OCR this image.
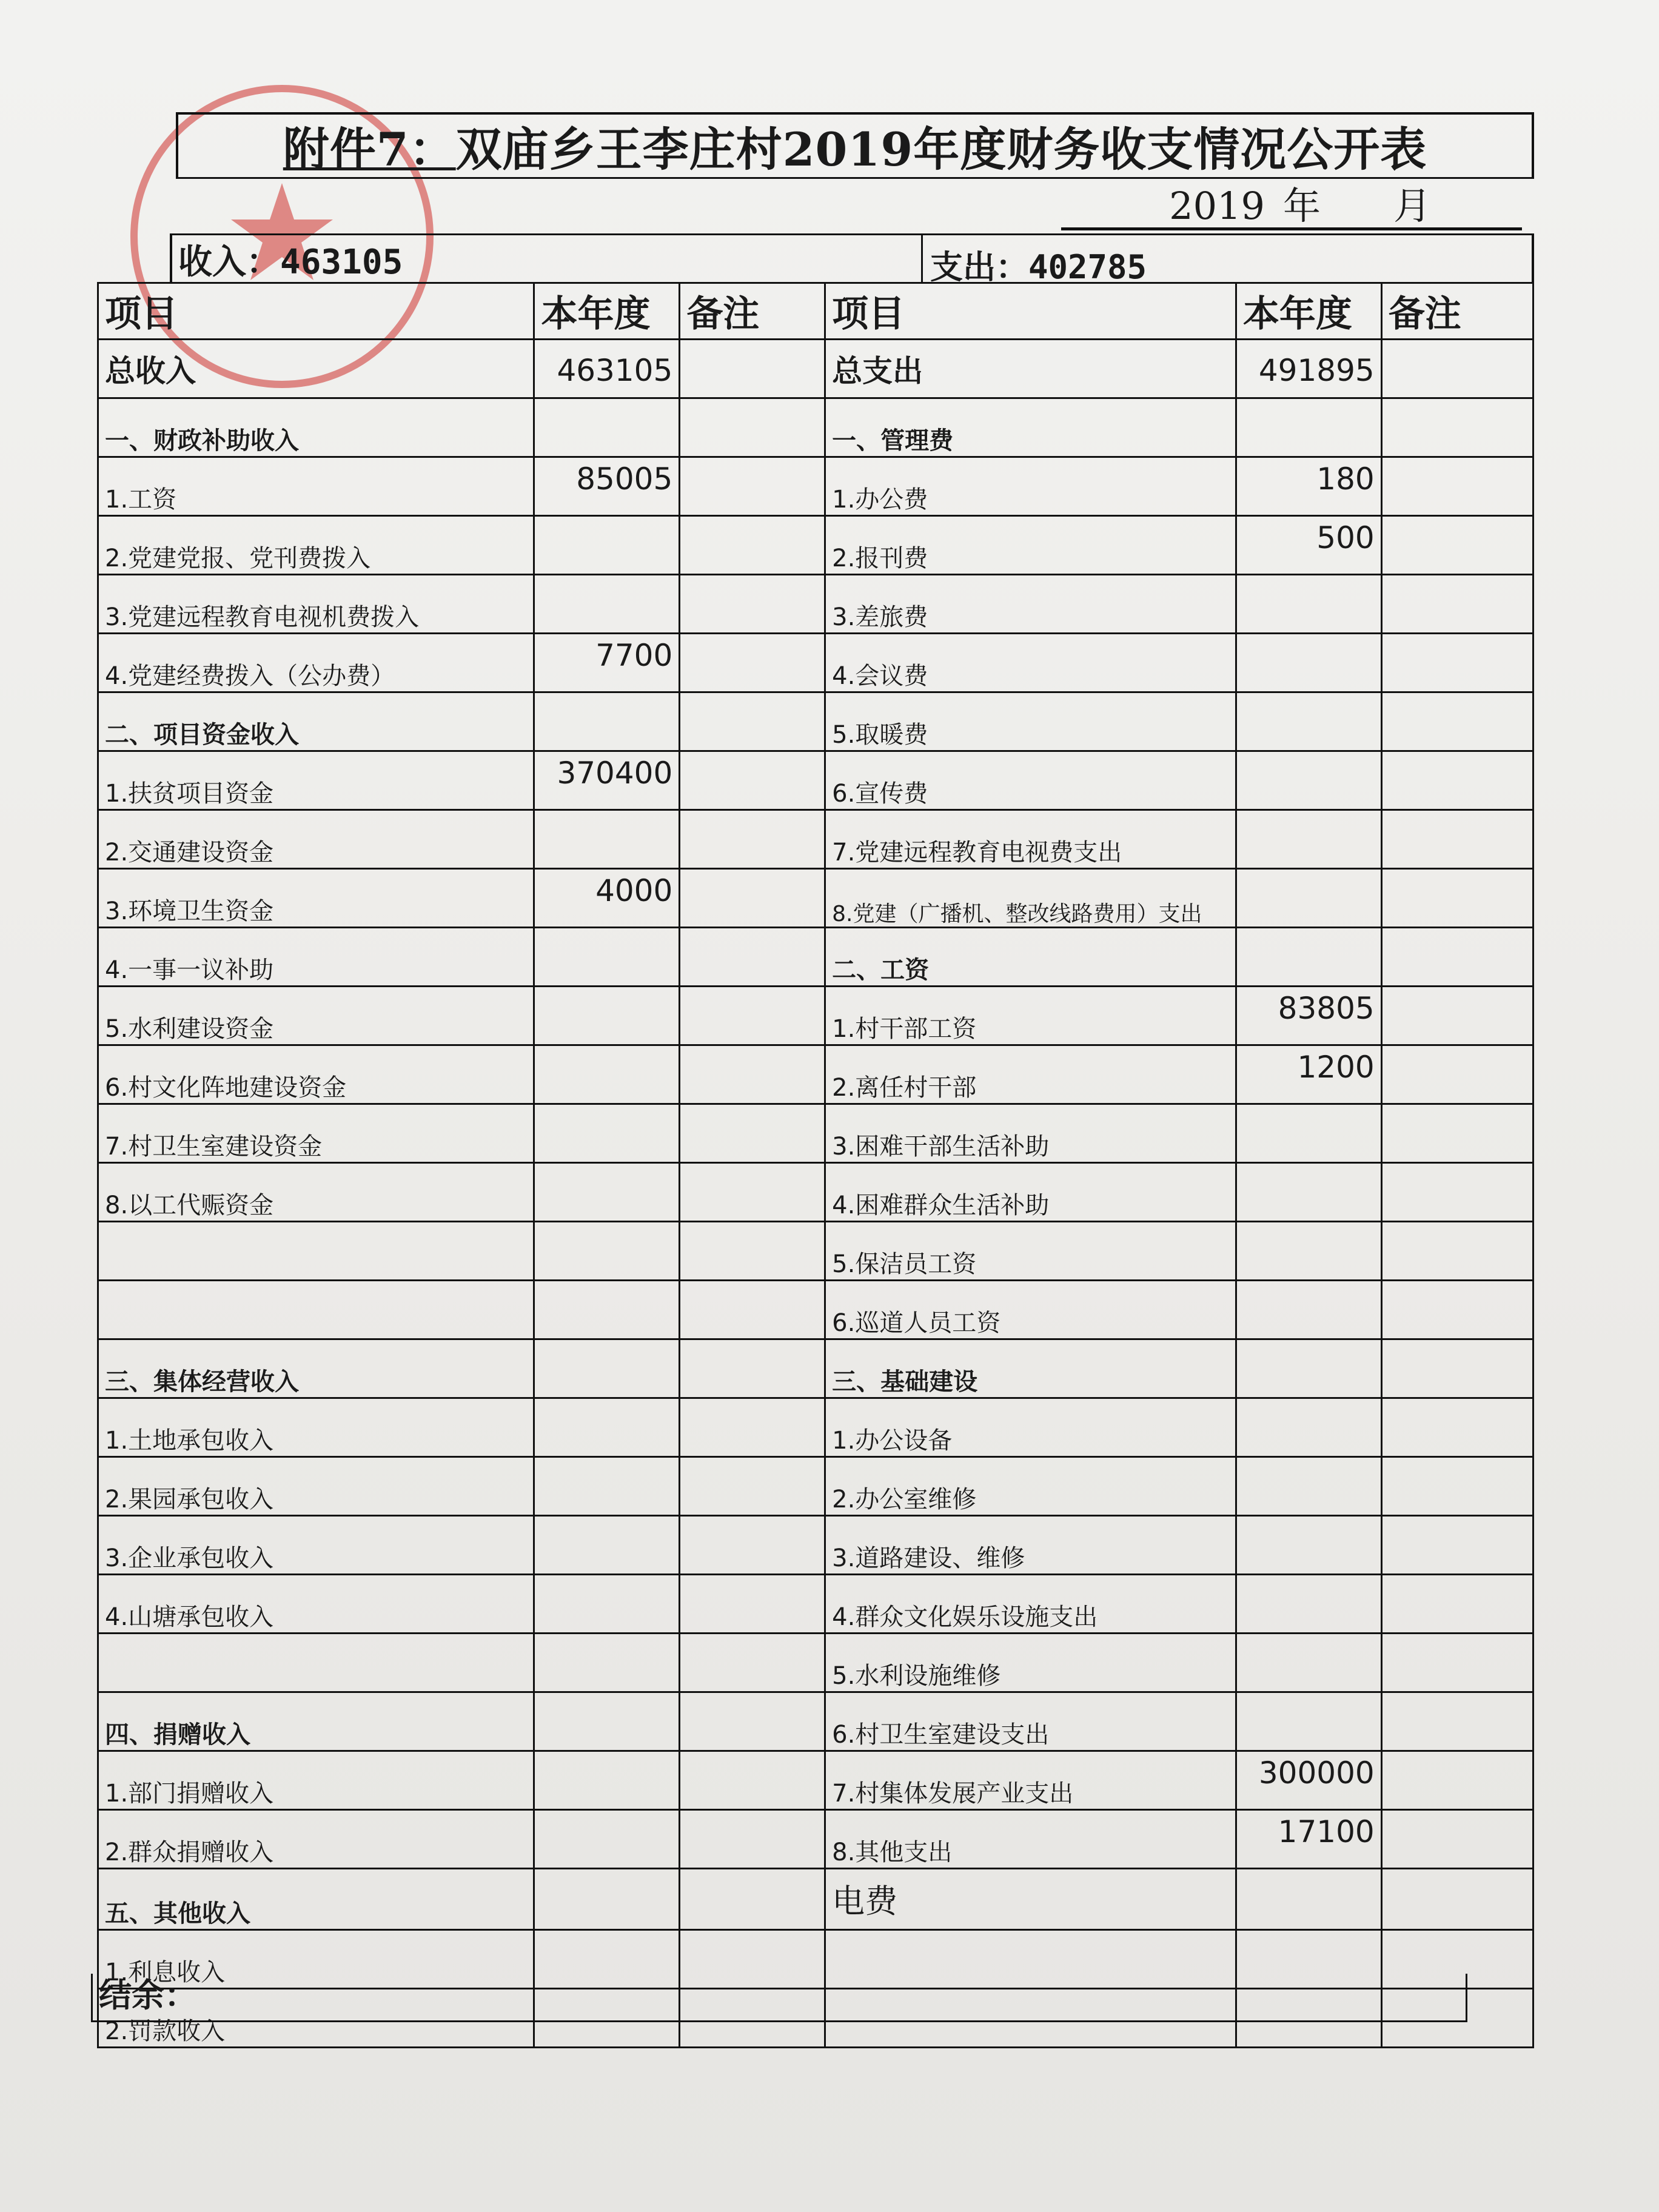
附件7：双庙乡王李庄村2019年度财务收支情况公开表
2019 年 月
收入：463105	支出：402785
项目	本年度	备注	项目	本年度	备注
总收入	463105		总支出	491895	
一、财政补助收入			一、管理费		
1.工资	85005		1.办公费	180	
2.党建党报、党刊费拨入			2.报刊费	500	
3.党建远程教育电视机费拨入			3.差旅费		
4.党建经费拨入（公办费）	7700		4.会议费		
二、项目资金收入			5.取暖费		
1.扶贫项目资金	370400		6.宣传费		
2.交通建设资金			7.党建远程教育电视费支出		
3.环境卫生资金	4000		8.党建（广播机、整改线路费用）支出		
4.一事一议补助			二、工资		
5.水利建设资金			1.村干部工资	83805	
6.村文化阵地建设资金			2.离任村干部	1200	
7.村卫生室建设资金			3.困难干部生活补助		
8.以工代赈资金			4.困难群众生活补助		
			5.保洁员工资		
			6.巡道人员工资		
三、集体经营收入			三、基础建设		
1.土地承包收入			1.办公设备		
2.果园承包收入			2.办公室维修		
3.企业承包收入			3.道路建设、维修		
4.山塘承包收入			4.群众文化娱乐设施支出		
			5.水利设施维修		
四、捐赠收入			6.村卫生室建设支出		
1.部门捐赠收入			7.村集体发展产业支出	300000	
2.群众捐赠收入			8.其他支出	17100	
五、其他收入			电费		
1.利息收入					
2.罚款收入					
结余：
